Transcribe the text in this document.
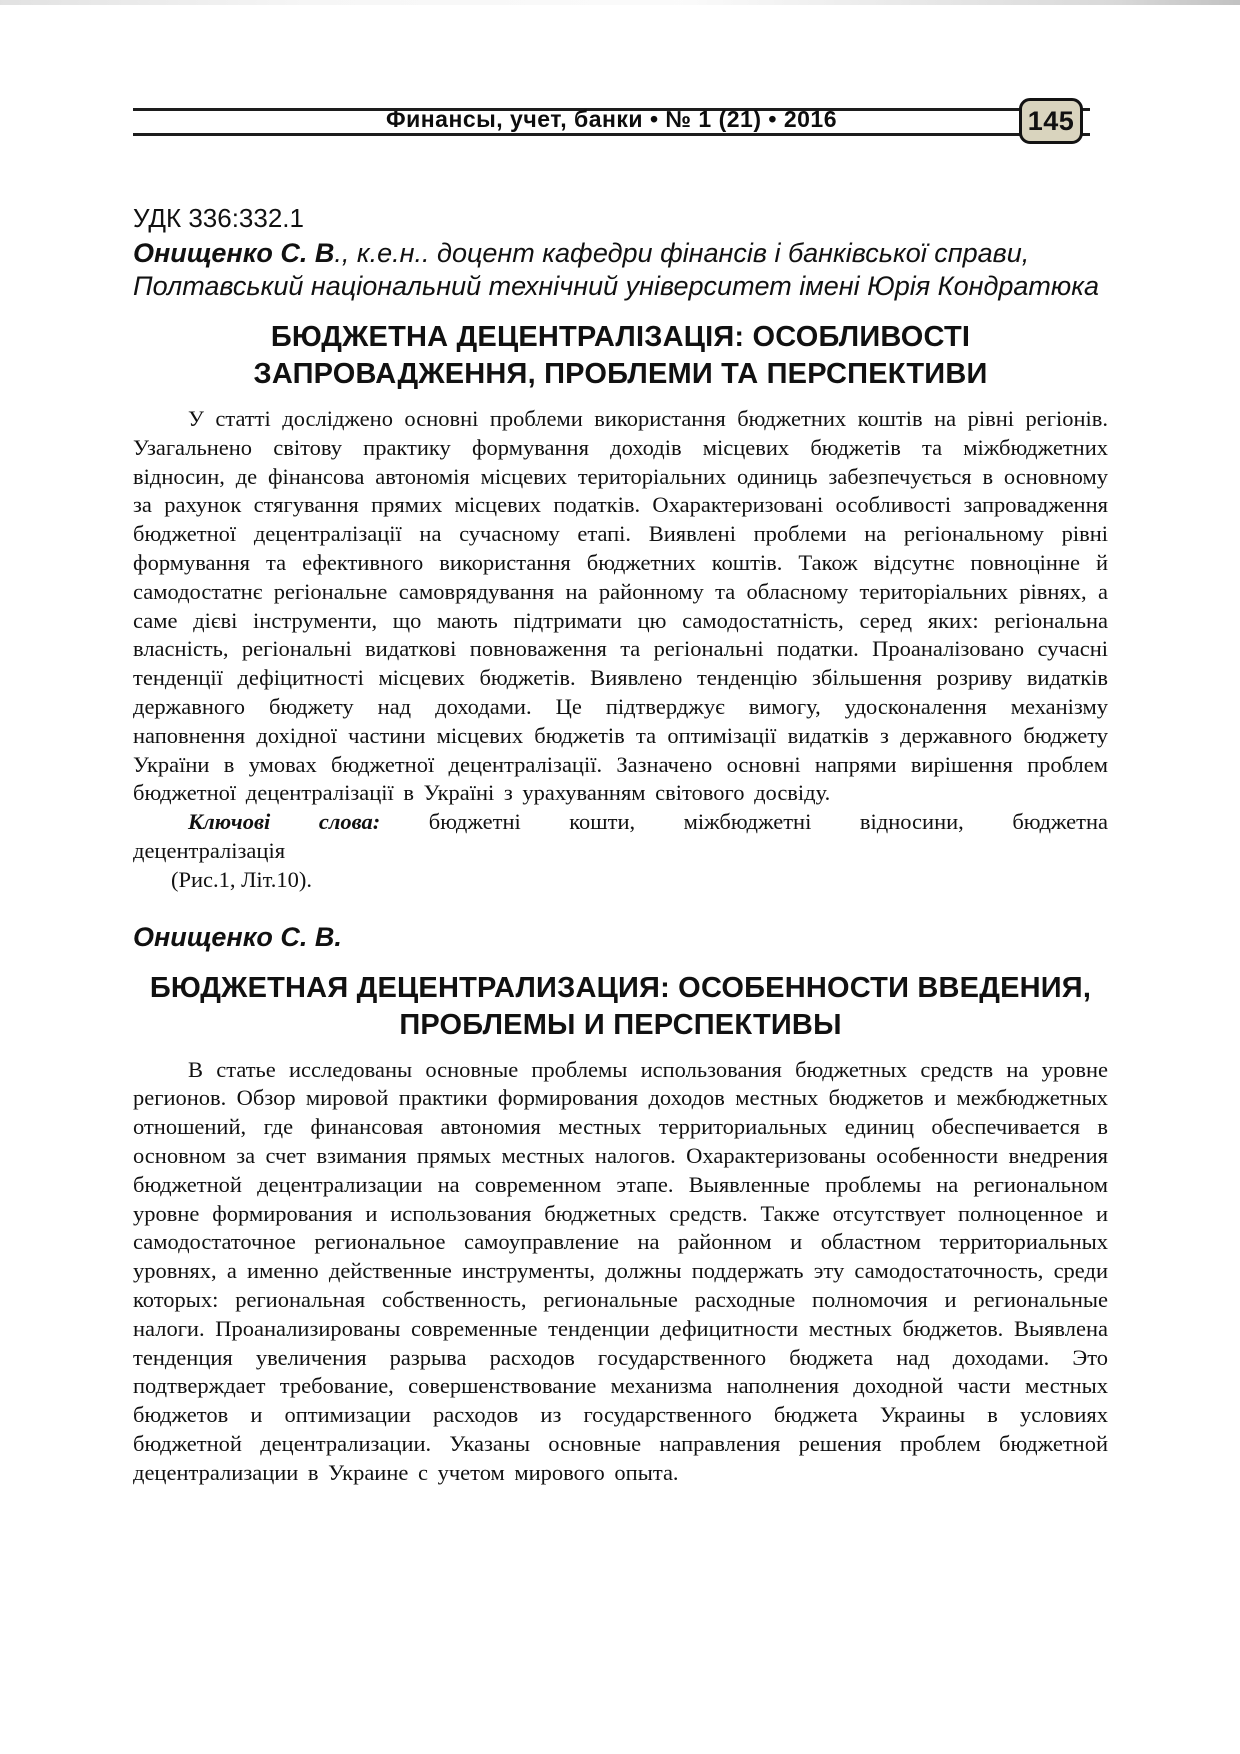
Финансы, учет, банки • № 1 (21) • 2016	145

УДК 336:332.1

Онищенко С. В., к.е.н.. доцент кафедри фінансів і банківської справи,

Полтавський національний технічний університет імені Юрія Кондратюка

БЮДЖЕТНА ДЕЦЕНТРАЛІЗАЦІЯ: ОСОБЛИВОСТІ
ЗАПРОВАДЖЕННЯ, ПРОБЛЕМИ ТА ПЕРСПЕКТИВИ

У статті досліджено основні проблеми використання бюджетних коштів на рівні регіонів. Узагальнено світову практику формування доходів місцевих бюджетів та міжбюджетних відносин, де фінансова автономія місцевих територіальних одиниць забезпечується в основному за рахунок стягування прямих місцевих податків. Охарактеризовані особливості запровадження бюджетної децентралізації на сучасному етапі. Виявлені проблеми на регіональному рівні формування та ефективного використання бюджетних коштів. Також відсутнє повноцінне й самодостатнє регіональне самоврядування на районному та обласному територіальних рівнях, а саме дієві інструменти, що мають підтримати цю самодостатність, серед яких: регіональна власність, регіональні видаткові повноваження та регіональні податки. Проаналізовано сучасні тенденції дефіцитності місцевих бюджетів. Виявлено тенденцію збільшення розриву видатків державного бюджету над доходами. Це підтверджує вимогу, удосконалення механізму наповнення дохідної частини місцевих бюджетів та оптимізації видатків з державного бюджету України в умовах бюджетної децентралізації. Зазначено основні напрями вирішення проблем бюджетної децентралізації в Україні з урахуванням світового досвіду.

Ключові слова: бюджетні кошти, міжбюджетні відносини, бюджетна
децентралізація

(Рис.1, Літ.10).

Онищенко С. В.

БЮДЖЕТНАЯ ДЕЦЕНТРАЛИЗАЦИЯ: ОСОБЕННОСТИ ВВЕДЕНИЯ,
ПРОБЛЕМЫ И ПЕРСПЕКТИВЫ

В статье исследованы основные проблемы использования бюджетных средств на уровне регионов. Обзор мировой практики формирования доходов местных бюджетов и межбюджетных отношений, где финансовая автономия местных территориальных единиц обеспечивается в основном за счет взимания прямых местных налогов. Охарактеризованы особенности внедрения бюджетной децентрализации на современном этапе. Выявленные проблемы на региональном уровне формирования и использования бюджетных средств. Также отсутствует полноценное и самодостаточное региональное самоуправление на районном и областном территориальных уровнях, а именно действенные инструменты, должны поддержать эту самодостаточность, среди которых: региональная собственность, региональные расходные полномочия и региональные налоги. Проанализированы современные тенденции дефицитности местных бюджетов. Выявлена тенденция увеличения разрыва расходов государственного бюджета над доходами. Это подтверждает требование, совершенствование механизма наполнения доходной части местных бюджетов и оптимизации расходов из государственного бюджета Украины в условиях бюджетной децентрализации. Указаны основные направления решения проблем бюджетной децентрализации в Украине с учетом мирового опыта.
